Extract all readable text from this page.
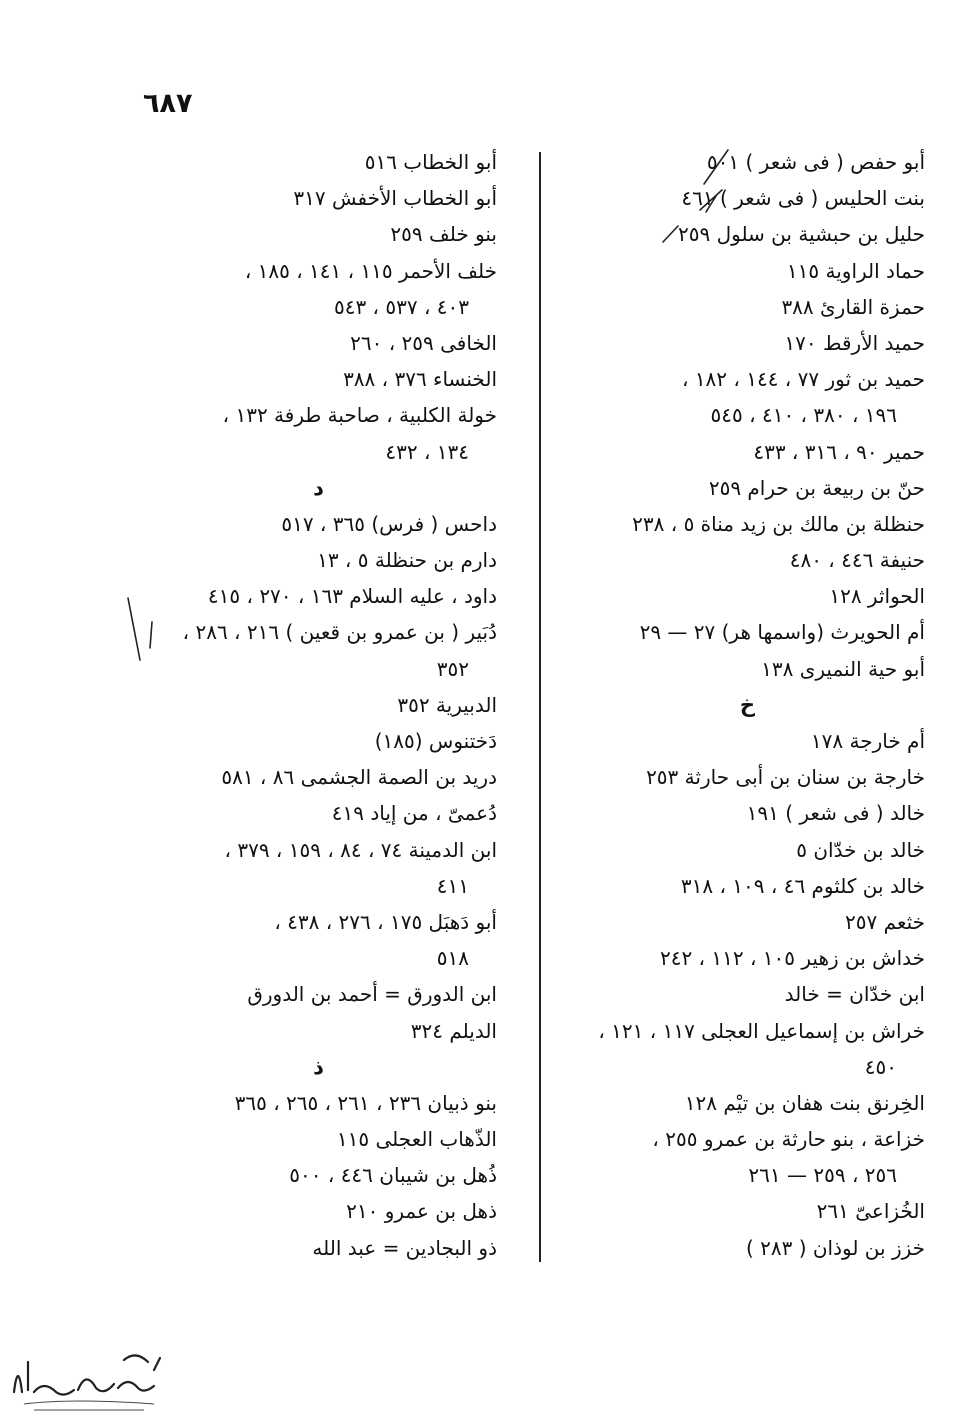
٦٨٧
أبو حفص ( فى شعر ) ٥٠١
بنت الحليس ( فى شعر ) ٤٦١
حليل بن حبشية بن سلول ٢٥٩
حماد الراوية ١١٥
حمزة القارئ ٣٨٨
حميد الأرقط ١٧٠
حميد بن ثور ٧٧ ، ١٤٤ ، ١٨٢ ،
١٩٦ ، ٣٨٠ ، ٤١٠ ، ٥٤٥
حمير ٩٠ ، ٣١٦ ، ٤٣٣
حنّ بن ربيعة بن حرام ٢٥٩
حنظلة بن مالك بن زيد مناة ٥ ، ٢٣٨
حنيفة ٤٤٦ ، ٤٨٠
الحواثر ١٢٨
أم الحويرث (واسمها هر) ٢٧ — ٢٩
أبو حية النميرى ١٣٨
خ
أم خارجة ١٧٨
خارجة بن سنان بن أبى حارثة ٢٥٣
خالد ( فى شعر ) ١٩١
خالد بن خدّان ٥
خالد بن كلثوم ٤٦ ، ١٠٩ ، ٣١٨
خثعم ٢٥٧
خداش بن زهير ١٠٥ ، ١١٢ ، ٢٤٢
ابن خدّان = خالد
خراش بن إسماعيل العجلى ١١٧ ، ١٢١ ،
٤٥٠
الخِرنق بنت هفان بن تيْم ١٢٨
خزاعة ، بنو حارثة بن عمرو ٢٥٥ ،
٢٥٦ ، ٢٥٩ — ٢٦١
الخُزاعىّ ٢٦١
خزز بن لوذان ( ٢٨٣ )
أبو الخطاب ٥١٦
أبو الخطاب الأخفش ٣١٧
بنو خلف ٢٥٩
خلف الأحمر ١١٥ ، ١٤١ ، ١٨٥ ،
٤٠٣ ، ٥٣٧ ، ٥٤٣
الخافى ٢٥٩ ، ٢٦٠
الخنساء ٣٧٦ ، ٣٨٨
خولة الكلبية ، صاحبة طرفة ١٣٢ ،
١٣٤ ، ٤٣٢
د
داحس ( فرس) ٣٦٥ ، ٥١٧
دارم بن حنظلة ٥ ، ١٣
داود ، عليه السلام ١٦٣ ، ٢٧٠ ، ٤١٥
دُبَير ( بن عمرو بن قعين ) ٢١٦ ، ٢٨٦ ،
٣٥٢
الدبيرية ٣٥٢
دَختنوس (١٨٥)
دريد بن الصمة الجشمى ٨٦ ، ٥٨١
دُعمىّ ، من إياد ٤١٩
ابن الدمينة ٧٤ ، ٨٤ ، ١٥٩ ، ٣٧٩ ،
٤١١
أبو دَهبَل ١٧٥ ، ٢٧٦ ، ٤٣٨ ،
٥١٨
ابن الدورق = أحمد بن الدورق
الديلم ٣٢٤
ذ
بنو ذبيان ٢٣٦ ، ٢٦١ ، ٢٦٥ ، ٣٦٥
الذّهاب العجلى ١١٥
ذُهل بن شيبان ٤٤٦ ، ٥٠٠
ذهل بن عمرو ٢١٠
ذو البجادين = عبد الله
